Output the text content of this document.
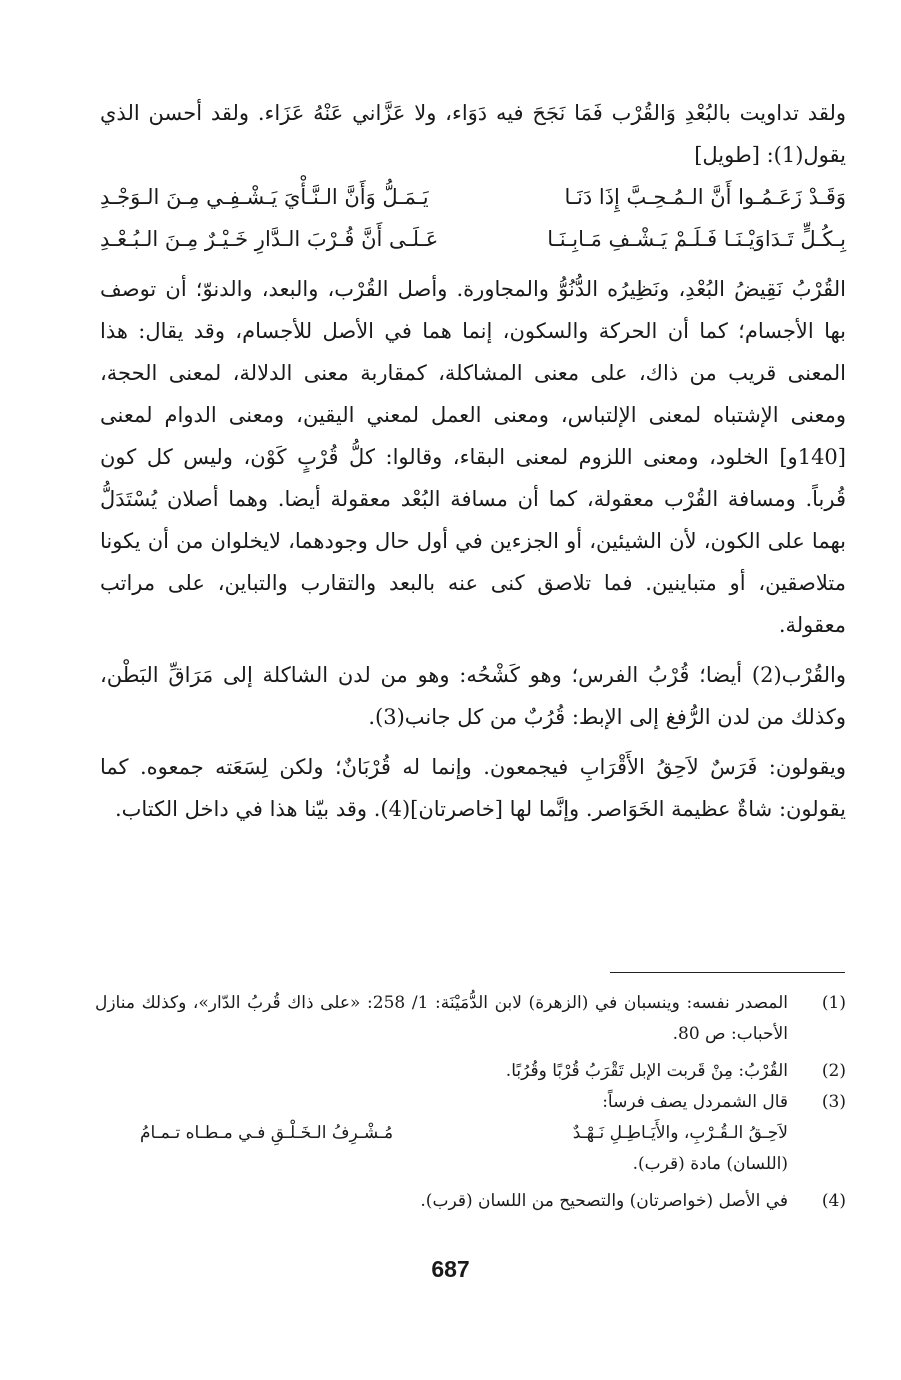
ولقد تداويت بالبُعْدِ وَالقُرْب فَمَا نَجَحَ فيه دَوَاء، ولا عَزَّاني عَنْهُ عَزَاء. ولقد أحسن الذي يقول(1): [طويل]

وَقَـدْ زَعَـمُـوا أَنَّ الـمُـحِـبَّ إِذَا دَنَـا
يَـمَـلُّ وَأَنَّ الـنَّـأْيَ يَـشْـفِـي مِـنَ الـوَجْـدِ
بِـكُـلٍّ تَـدَاوَيْـنَـا فَـلَـمْ يَـشْـفِ مَـابِـنَـا
عَـلَـى أَنَّ قُـرْبَ الـدَّارِ خَـيْـرٌ مِـنَ الـبُـعْـدِ

القُرْبُ نَقِيضُ البُعْدِ، ونَظِيرُه الدُّنُوُّ والمجاورة. وأصل القُرْب، والبعد، والدنوّ؛ أن توصف بها الأجسام؛ كما أن الحركة والسكون، إنما هما في الأصل للأجسام، وقد يقال: هذا المعنى قريب من ذاك، على معنى المشاكلة، كمقاربة معنى الدلالة، لمعنى الحجة، ومعنى الإشتباه لمعنى الإلتباس، ومعنى العمل لمعني اليقين، ومعنى الدوام لمعنى [140و] الخلود، ومعنى اللزوم لمعنى البقاء، وقالوا: كلُّ قُرْبٍ كَوْن، وليس كل كون قُرباً. ومسافة القُرْب معقولة، كما أن مسافة البُعْد معقولة أيضا. وهما أصلان يُسْتَدَلُّ بهما على الكون، لأن الشيئين، أو الجزءين في أول حال وجودهما، لايخلوان من أن يكونا متلاصقين، أو متباينين. فما تلاصق كنى عنه بالبعد والتقارب والتباين، على مراتب معقولة.

والقُرْب(2) أيضا؛ قُرْبُ الفرس؛ وهو كَشْحُه: وهو من لدن الشاكلة إلى مَرَاقِّ البَطْن، وكذلك من لدن الرُّفغ إلى الإبط: قُرُبٌ من كل جانب(3).

ويقولون: فَرَسٌ لاَحِقُ الأَقْرَابِ فيجمعون. وإنما له قُرْبَانٌ؛ ولكن لِسَعَته جمعوه. كما يقولون: شاةٌ عظيمة الخَوَاصر. وإنَّما لها [خاصرتان](4). وقد بيّنا هذا في داخل الكتاب.

(1)

المصدر نفسه: وينسبان في (الزهرة) لابن الدُّمَيْنَة: 1/ 258: «على ذاك قُربُ الدّار»، وكذلك منازل الأحباب: ص 80.

(2)

القُرْبُ: مِنْ قَربت الإبل تَقْرَبُ قُرْبًا وقُرُبًا.

(3)

قال الشمردل يصف فرساً:

لاَحِـقُ الـقُـرْبِ، والأَيَـاطِـلِ نَـهْـدٌ
مُـشْـرِفُ الـخَـلْـقِ فـي مـطـاه تـمـامُ

(اللسان) مادة (قرب).

(4)

في الأصل (خواصرتان) والتصحيح من اللسان (قرب).

687
